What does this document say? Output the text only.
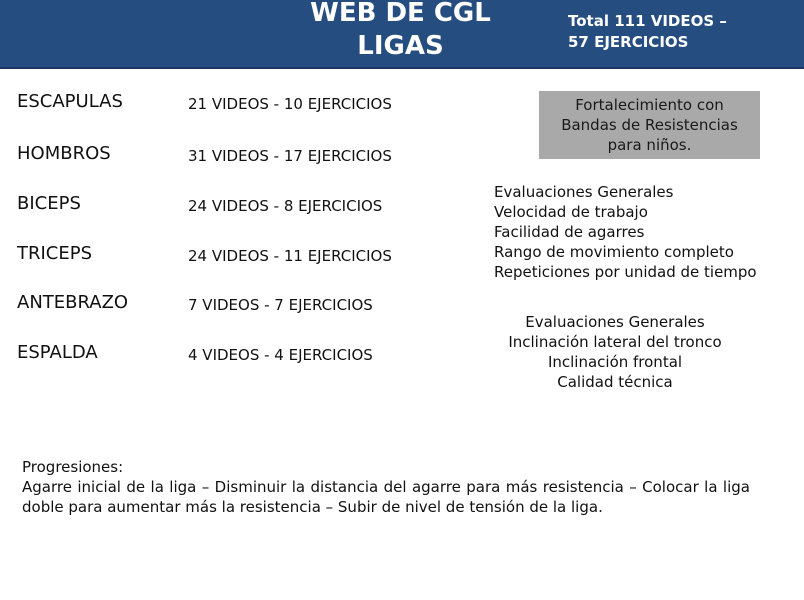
WEB DE CGL
LIGAS
Total 111 VIDEOS –
57 EJERCICIOS
ESCAPULAS	21 VIDEOS - 10 EJERCICIOS
HOMBROS	31 VIDEOS - 17 EJERCICIOS
BICEPS	24 VIDEOS - 8 EJERCICIOS
TRICEPS	24 VIDEOS - 11 EJERCICIOS
ANTEBRAZO	7 VIDEOS - 7 EJERCICIOS
ESPALDA	4 VIDEOS - 4 EJERCICIOS
Fortalecimiento con
Bandas de Resistencias
para niños.
Evaluaciones Generales
Velocidad de trabajo
Facilidad de agarres
Rango de movimiento completo
Repeticiones por unidad de tiempo
Evaluaciones Generales
Inclinación lateral del tronco
Inclinación frontal
Calidad técnica
Progresiones:
Agarre inicial de la liga – Disminuir la distancia del agarre para más resistencia – Colocar la liga doble para aumentar más la resistencia – Subir de nivel de tensión de la liga.
